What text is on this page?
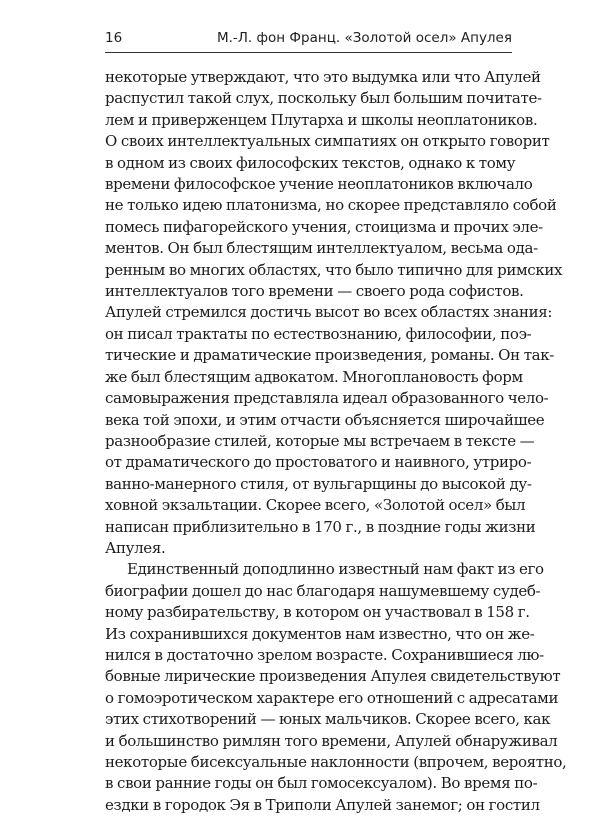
16	М.-Л. фон Франц. «Золотой осел» Апулея
некоторые утверждают, что это выдумка или что Апулей
распустил такой слух, поскольку был большим почитате-
лем и приверженцем Плутарха и школы неоплатоников.
О своих интеллектуальных симпатиях он открыто говорит
в одном из своих философских текстов, однако к тому
времени философское учение неоплатоников включало
не только идею платонизма, но скорее представляло собой
помесь пифагорейского учения, стоицизма и прочих эле-
ментов. Он был блестящим интеллектуалом, весьма ода-
ренным во многих областях, что было типично для римских
интеллектуалов того времени — своего рода софистов.
Апулей стремился достичь высот во всех областях знания:
он писал трактаты по естествознанию, философии, поэ-
тические и драматические произведения, романы. Он так-
же был блестящим адвокатом. Многоплановость форм
самовыражения представляла идеал образованного чело-
века той эпохи, и этим отчасти объясняется широчайшее
разнообразие стилей, которые мы встречаем в тексте —
от драматического до простоватого и наивного, утриро-
ванно-манерного стиля, от вульгарщины до высокой ду-
ховной экзальтации. Скорее всего, «Золотой осел» был
написан приблизительно в 170 г., в поздние годы жизни
Апулея.
Единственный доподлинно известный нам факт из его
биографии дошел до нас благодаря нашумевшему судеб-
ному разбирательству, в котором он участвовал в 158 г.
Из сохранившихся документов нам известно, что он же-
нился в достаточно зрелом возрасте. Сохранившиеся лю-
бовные лирические произведения Апулея свидетельствуют
о гомоэротическом характере его отношений с адресатами
этих стихотворений — юных мальчиков. Скорее всего, как
и большинство римлян того времени, Апулей обнаруживал
некоторые бисексуальные наклонности (впрочем, вероятно,
в свои ранние годы он был гомосексуалом). Во время по-
ездки в городок Эя в Триполи Апулей занемог; он гостил
